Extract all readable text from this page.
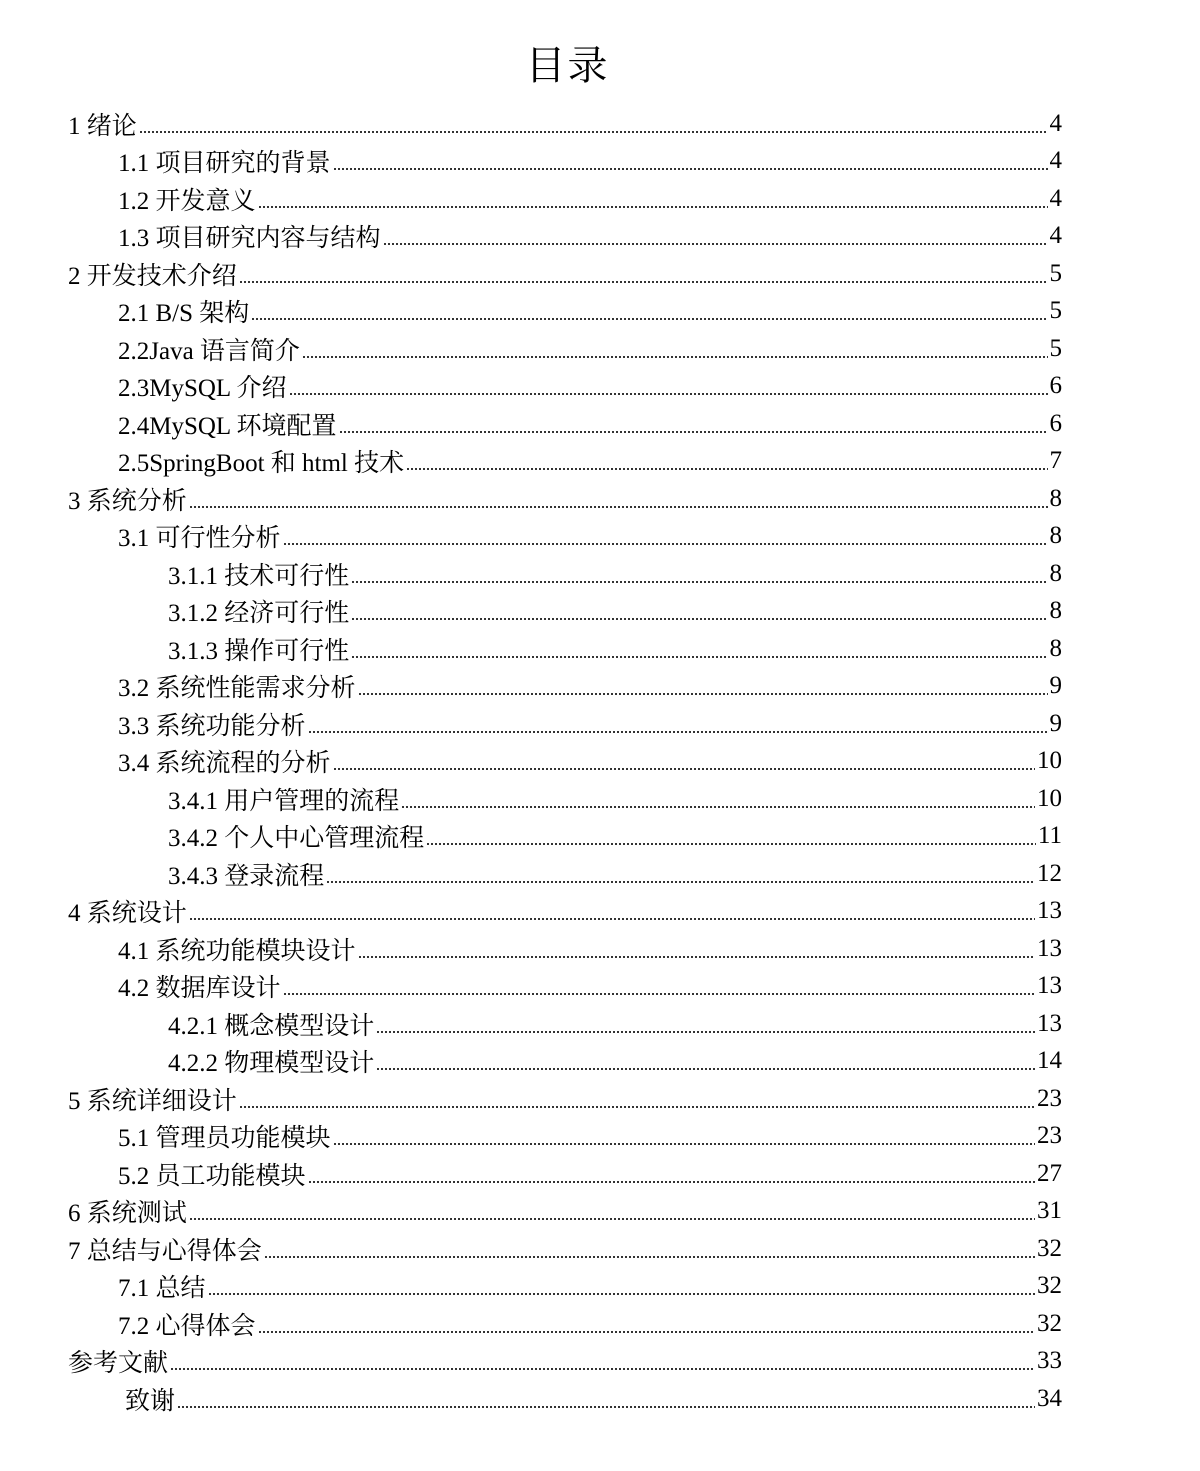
目录
1 绪论	4
1.1 项目研究的背景	4
1.2 开发意义	4
1.3 项目研究内容与结构	4
2 开发技术介绍	5
2.1 B/S 架构	5
2.2Java 语言简介	5
2.3MySQL 介绍	6
2.4MySQL 环境配置	6
2.5SpringBoot 和 html 技术	7
3 系统分析	8
3.1 可行性分析	8
3.1.1 技术可行性	8
3.1.2 经济可行性	8
3.1.3 操作可行性	8
3.2 系统性能需求分析	9
3.3 系统功能分析	9
3.4 系统流程的分析	10
3.4.1 用户管理的流程	10
3.4.2 个人中心管理流程	11
3.4.3 登录流程	12
4 系统设计	13
4.1 系统功能模块设计	13
4.2 数据库设计	13
4.2.1 概念模型设计	13
4.2.2 物理模型设计	14
5 系统详细设计	23
5.1 管理员功能模块	23
5.2 员工功能模块	27
6 系统测试	31
7 总结与心得体会	32
7.1 总结	32
7.2 心得体会	32
参考文献	33
致谢	34
